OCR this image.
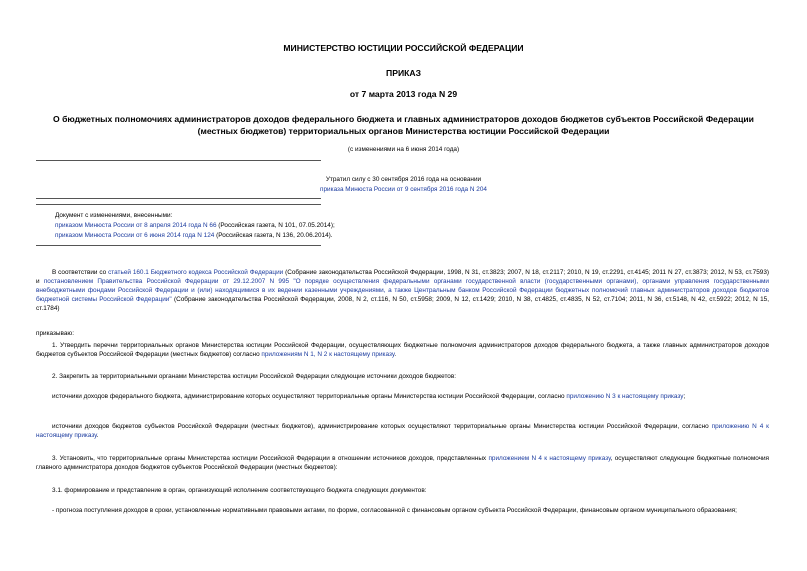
МИНИСТЕРСТВО ЮСТИЦИИ РОССИЙСКОЙ ФЕДЕРАЦИИ
ПРИКАЗ
от 7 марта 2013 года N 29
О бюджетных полномочиях администраторов доходов федерального бюджета и главных администраторов доходов бюджетов субъектов Российской Федерации (местных бюджетов) территориальных органов Министерства юстиции Российской Федерации
(с изменениями на 6 июня 2014 года)
Утратил силу с 30 сентября 2016 года на основании
приказа Минюста России от 9 сентября 2016 года N 204
Документ с изменениями, внесенными:
приказом Минюста России от 8 апреля 2014 года N 66 (Российская газета, N 101, 07.05.2014);
приказом Минюста России от 6 июня 2014 года N 124 (Российская газета, N 136, 20.06.2014).
В соответствии со статьей 160.1 Бюджетного кодекса Российской Федерации (Собрание законодательства Российской Федерации, 1998, N 31, ст.3823; 2007, N 18, ст.2117; 2010, N 19, ст.2291, ст.4145; 2011 N 27, ст.3873; 2012, N 53, ст.7593) и постановлением Правительства Российской Федерации от 29.12.2007 N 995 "О порядке осуществления федеральными органами государственной власти (государственными органами), органами управления государственными внебюджетными фондами Российской Федерации и (или) находящимися в их ведении казенными учреждениями, а также Центральным банком Российской Федерации бюджетных полномочий главных администраторов доходов бюджетов бюджетной системы Российской Федерации" (Собрание законодательства Российской Федерации, 2008, N 2, ст.116, N 50, ст.5958; 2009, N 12, ст.1429; 2010, N 38, ст.4825, ст.4835, N 52, ст.7104; 2011, N 36, ст.5148, N 42, ст.5922; 2012, N 15, ст.1784)
приказываю:
1. Утвердить перечни территориальных органов Министерства юстиции Российской Федерации, осуществляющих бюджетные полномочия администраторов доходов федерального бюджета, а также главных администраторов доходов бюджетов субъектов Российской Федерации (местных бюджетов) согласно приложениям N 1, N 2 к настоящему приказу.
2. Закрепить за территориальными органами Министерства юстиции Российской Федерации следующие источники доходов бюджетов:
источники доходов федерального бюджета, администрирование которых осуществляют территориальные органы Министерства юстиции Российской Федерации, согласно приложению N 3 к настоящему приказу;
источники доходов бюджетов субъектов Российской Федерации (местных бюджетов), администрирование которых осуществляют территориальные органы Министерства юстиции Российской Федерации, согласно приложению N 4 к настоящему приказу.
3. Установить, что территориальные органы Министерства юстиции Российской Федерации в отношении источников доходов, представленных приложением N 4 к настоящему приказу, осуществляют следующие бюджетные полномочия главного администратора доходов бюджетов субъектов Российской Федерации (местных бюджетов):
3.1. формирование и представление в орган, организующий исполнение соответствующего бюджета следующих документов:
- прогноза поступления доходов в сроки, установленные нормативными правовыми актами, по форме, согласованной с финансовым органом субъекта Российской Федерации, финансовым органом муниципального образования;
